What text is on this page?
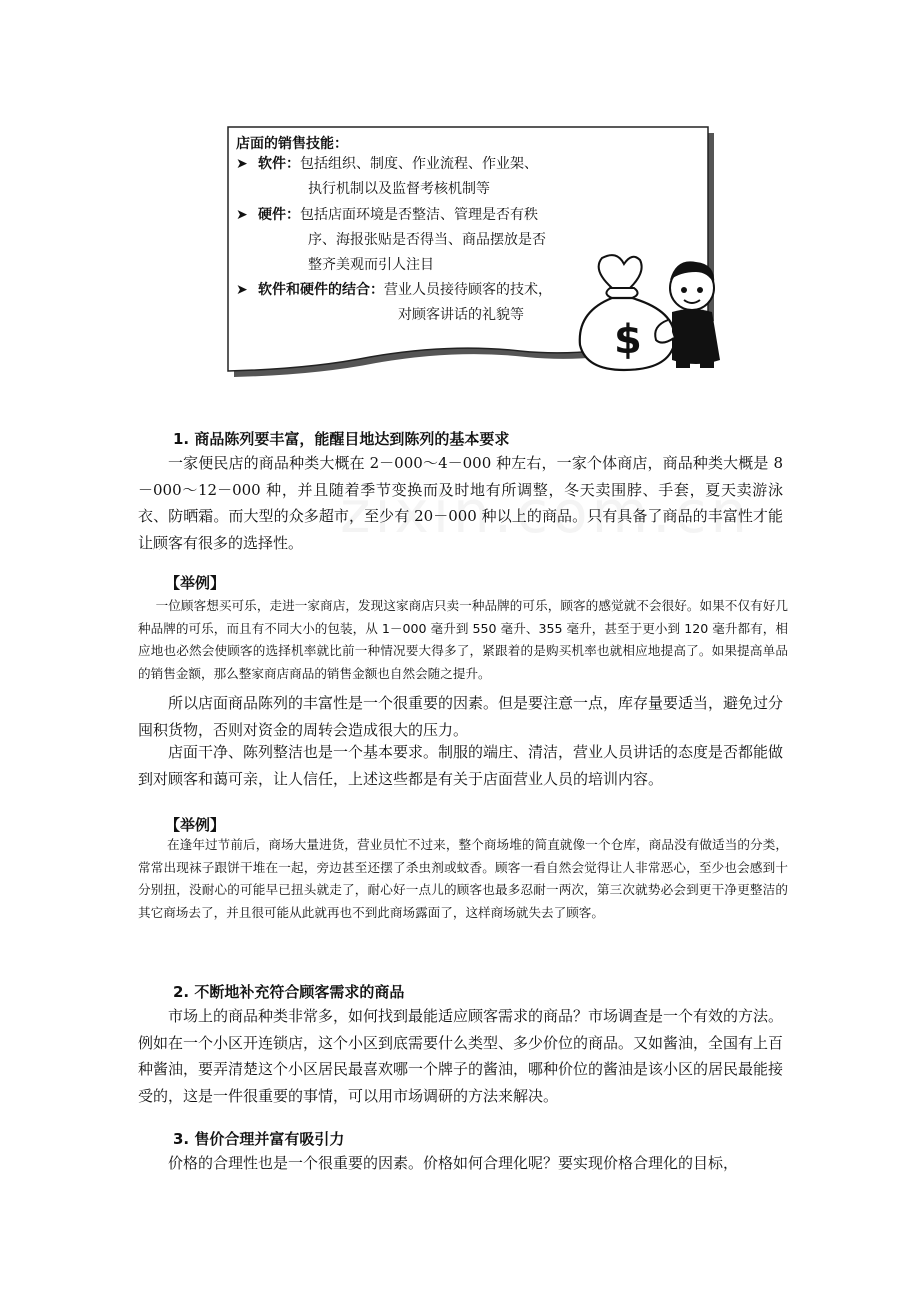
店面的销售技能：
➤ 软件：包括组织、制度、作业流程、作业架、
执行机制以及监督考核机制等
➤ 硬件：包括店面环境是否整洁、管理是否有秩
序、海报张贴是否得当、商品摆放是否
整齐美观而引人注目
➤ 软件和硬件的结合：营业人员接待顾客的技术，
对顾客讲话的礼貌等
$
1. 商品陈列要丰富，能醒目地达到陈列的基本要求
一家便民店的商品种类大概在 2－000～4－000 种左右，一家个体商店，商品种类大概是 8－000～12－000 种，并且随着季节变换而及时地有所调整，冬天卖围脖、手套，夏天卖游泳衣、防晒霜。而大型的众多超市，至少有 20－000 种以上的商品。只有具备了商品的丰富性才能让顾客有很多的选择性。
【举例】
一位顾客想买可乐，走进一家商店，发现这家商店只卖一种品牌的可乐，顾客的感觉就不会很好。如果不仅有好几种品牌的可乐，而且有不同大小的包装，从 1－000 毫升到 550 毫升、355 毫升，甚至于更小到 120 毫升都有，相应地也必然会使顾客的选择机率就比前一种情况要大得多了，紧跟着的是购买机率也就相应地提高了。如果提高单品的销售金额，那么整家商店商品的销售金额也自然会随之提升。
所以店面商品陈列的丰富性是一个很重要的因素。但是要注意一点，库存量要适当，避免过分囤积货物，否则对资金的周转会造成很大的压力。
店面干净、陈列整洁也是一个基本要求。制服的端庄、清洁，营业人员讲话的态度是否都能做到对顾客和蔼可亲，让人信任，上述这些都是有关于店面营业人员的培训内容。
【举例】
在逢年过节前后，商场大量进货，营业员忙不过来，整个商场堆的简直就像一个仓库，商品没有做适当的分类，常常出现袜子跟饼干堆在一起，旁边甚至还摆了杀虫剂或蚊香。顾客一看自然会觉得让人非常恶心，至少也会感到十分别扭，没耐心的可能早已扭头就走了，耐心好一点儿的顾客也最多忍耐一两次，第三次就势必会到更干净更整洁的其它商场去了，并且很可能从此就再也不到此商场露面了，这样商场就失去了顾客。
2. 不断地补充符合顾客需求的商品
市场上的商品种类非常多，如何找到最能适应顾客需求的商品？市场调查是一个有效的方法。例如在一个小区开连锁店，这个小区到底需要什么类型、多少价位的商品。又如酱油，全国有上百种酱油，要弄清楚这个小区居民最喜欢哪一个牌子的酱油，哪种价位的酱油是该小区的居民最能接受的，这是一件很重要的事情，可以用市场调研的方法来解决。
3. 售价合理并富有吸引力
价格的合理性也是一个很重要的因素。价格如何合理化呢？要实现价格合理化的目标，
